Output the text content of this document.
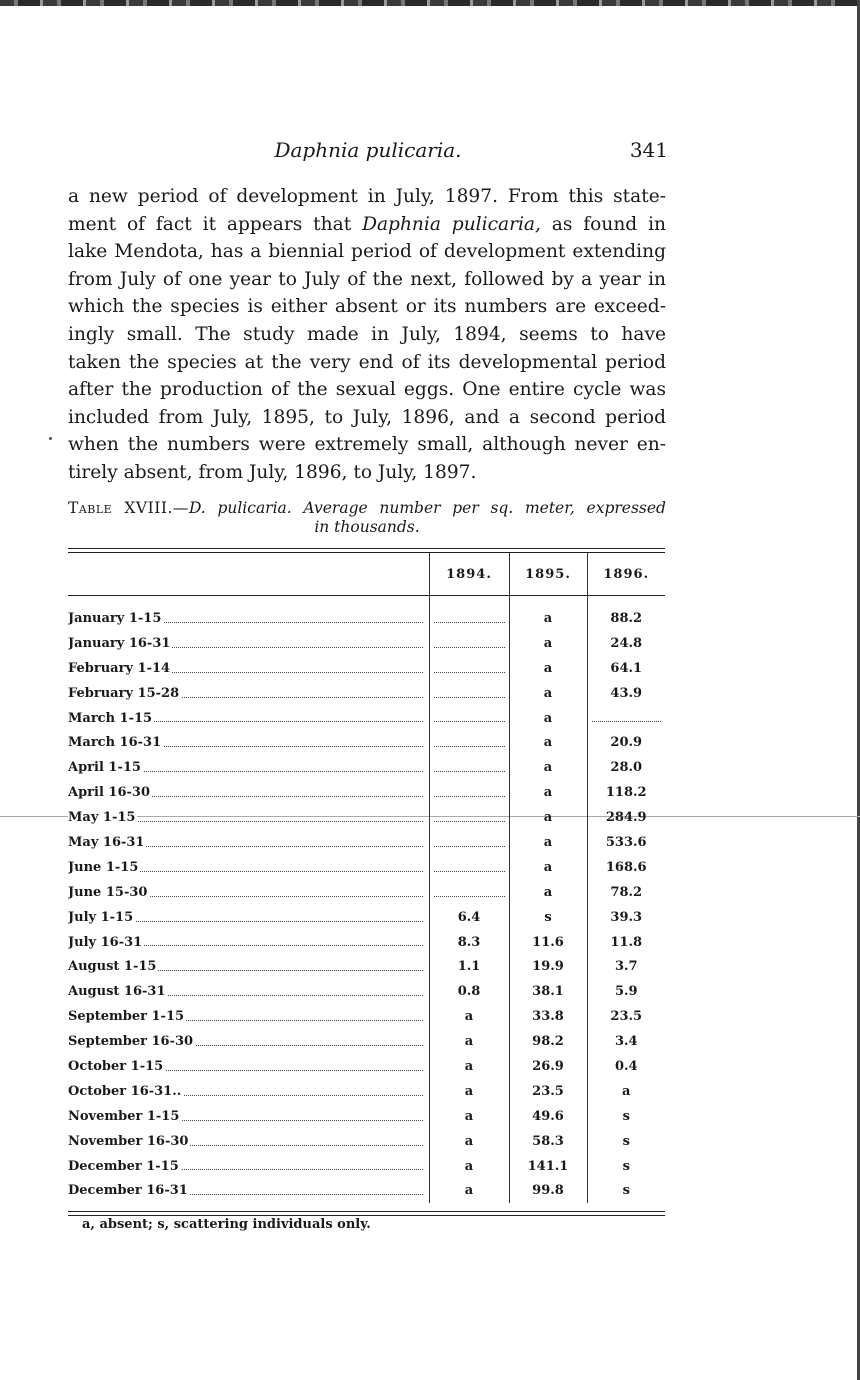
Daphnia pulicaria.	341
a new period of development in July, 1897. From this state-
ment of fact it appears that Daphnia pulicaria, as found in
lake Mendota, has a biennial period of development extending
from July of one year to July of the next, followed by a year in
which the species is either absent or its numbers are exceed-
ingly small. The study made in July, 1894, seems to have
taken the species at the very end of its developmental period
after the production of the sexual eggs. One entire cycle was
included from July, 1895, to July, 1896, and a second period
when the numbers were extremely small, although never en-
tirely absent, from July, 1896, to July, 1897.
Table XVIII.—D. pulicaria. Average number per sq. meter, expressed
in thousands.
	1894.	1895.	1896.

January 1-15		a	88.2
January 16-31		a	24.8
February 1-14		a	64.1
February 15-28		a	43.9
March 1-15		a	
March 16-31		a	20.9
April 1-15		a	28.0
April 16-30		a	118.2
May 1-15		a	284.9
May 16-31		a	533.6
June 1-15		a	168.6
June 15-30		a	78.2
July 1-15	6.4	s	39.3
July 16-31	8.3	11.6	11.8
August 1-15	1.1	19.9	3.7
August 16-31	0.8	38.1	5.9
September 1-15	a	33.8	23.5
September 16-30	a	98.2	3.4
October 1-15	a	26.9	0.4
October 16-31..	a	23.5	a
November 1-15	a	49.6	s
November 16-30	a	58.3	s
December 1-15	a	141.1	s
December 16-31	a	99.8	s
a, absent; s, scattering individuals only.
